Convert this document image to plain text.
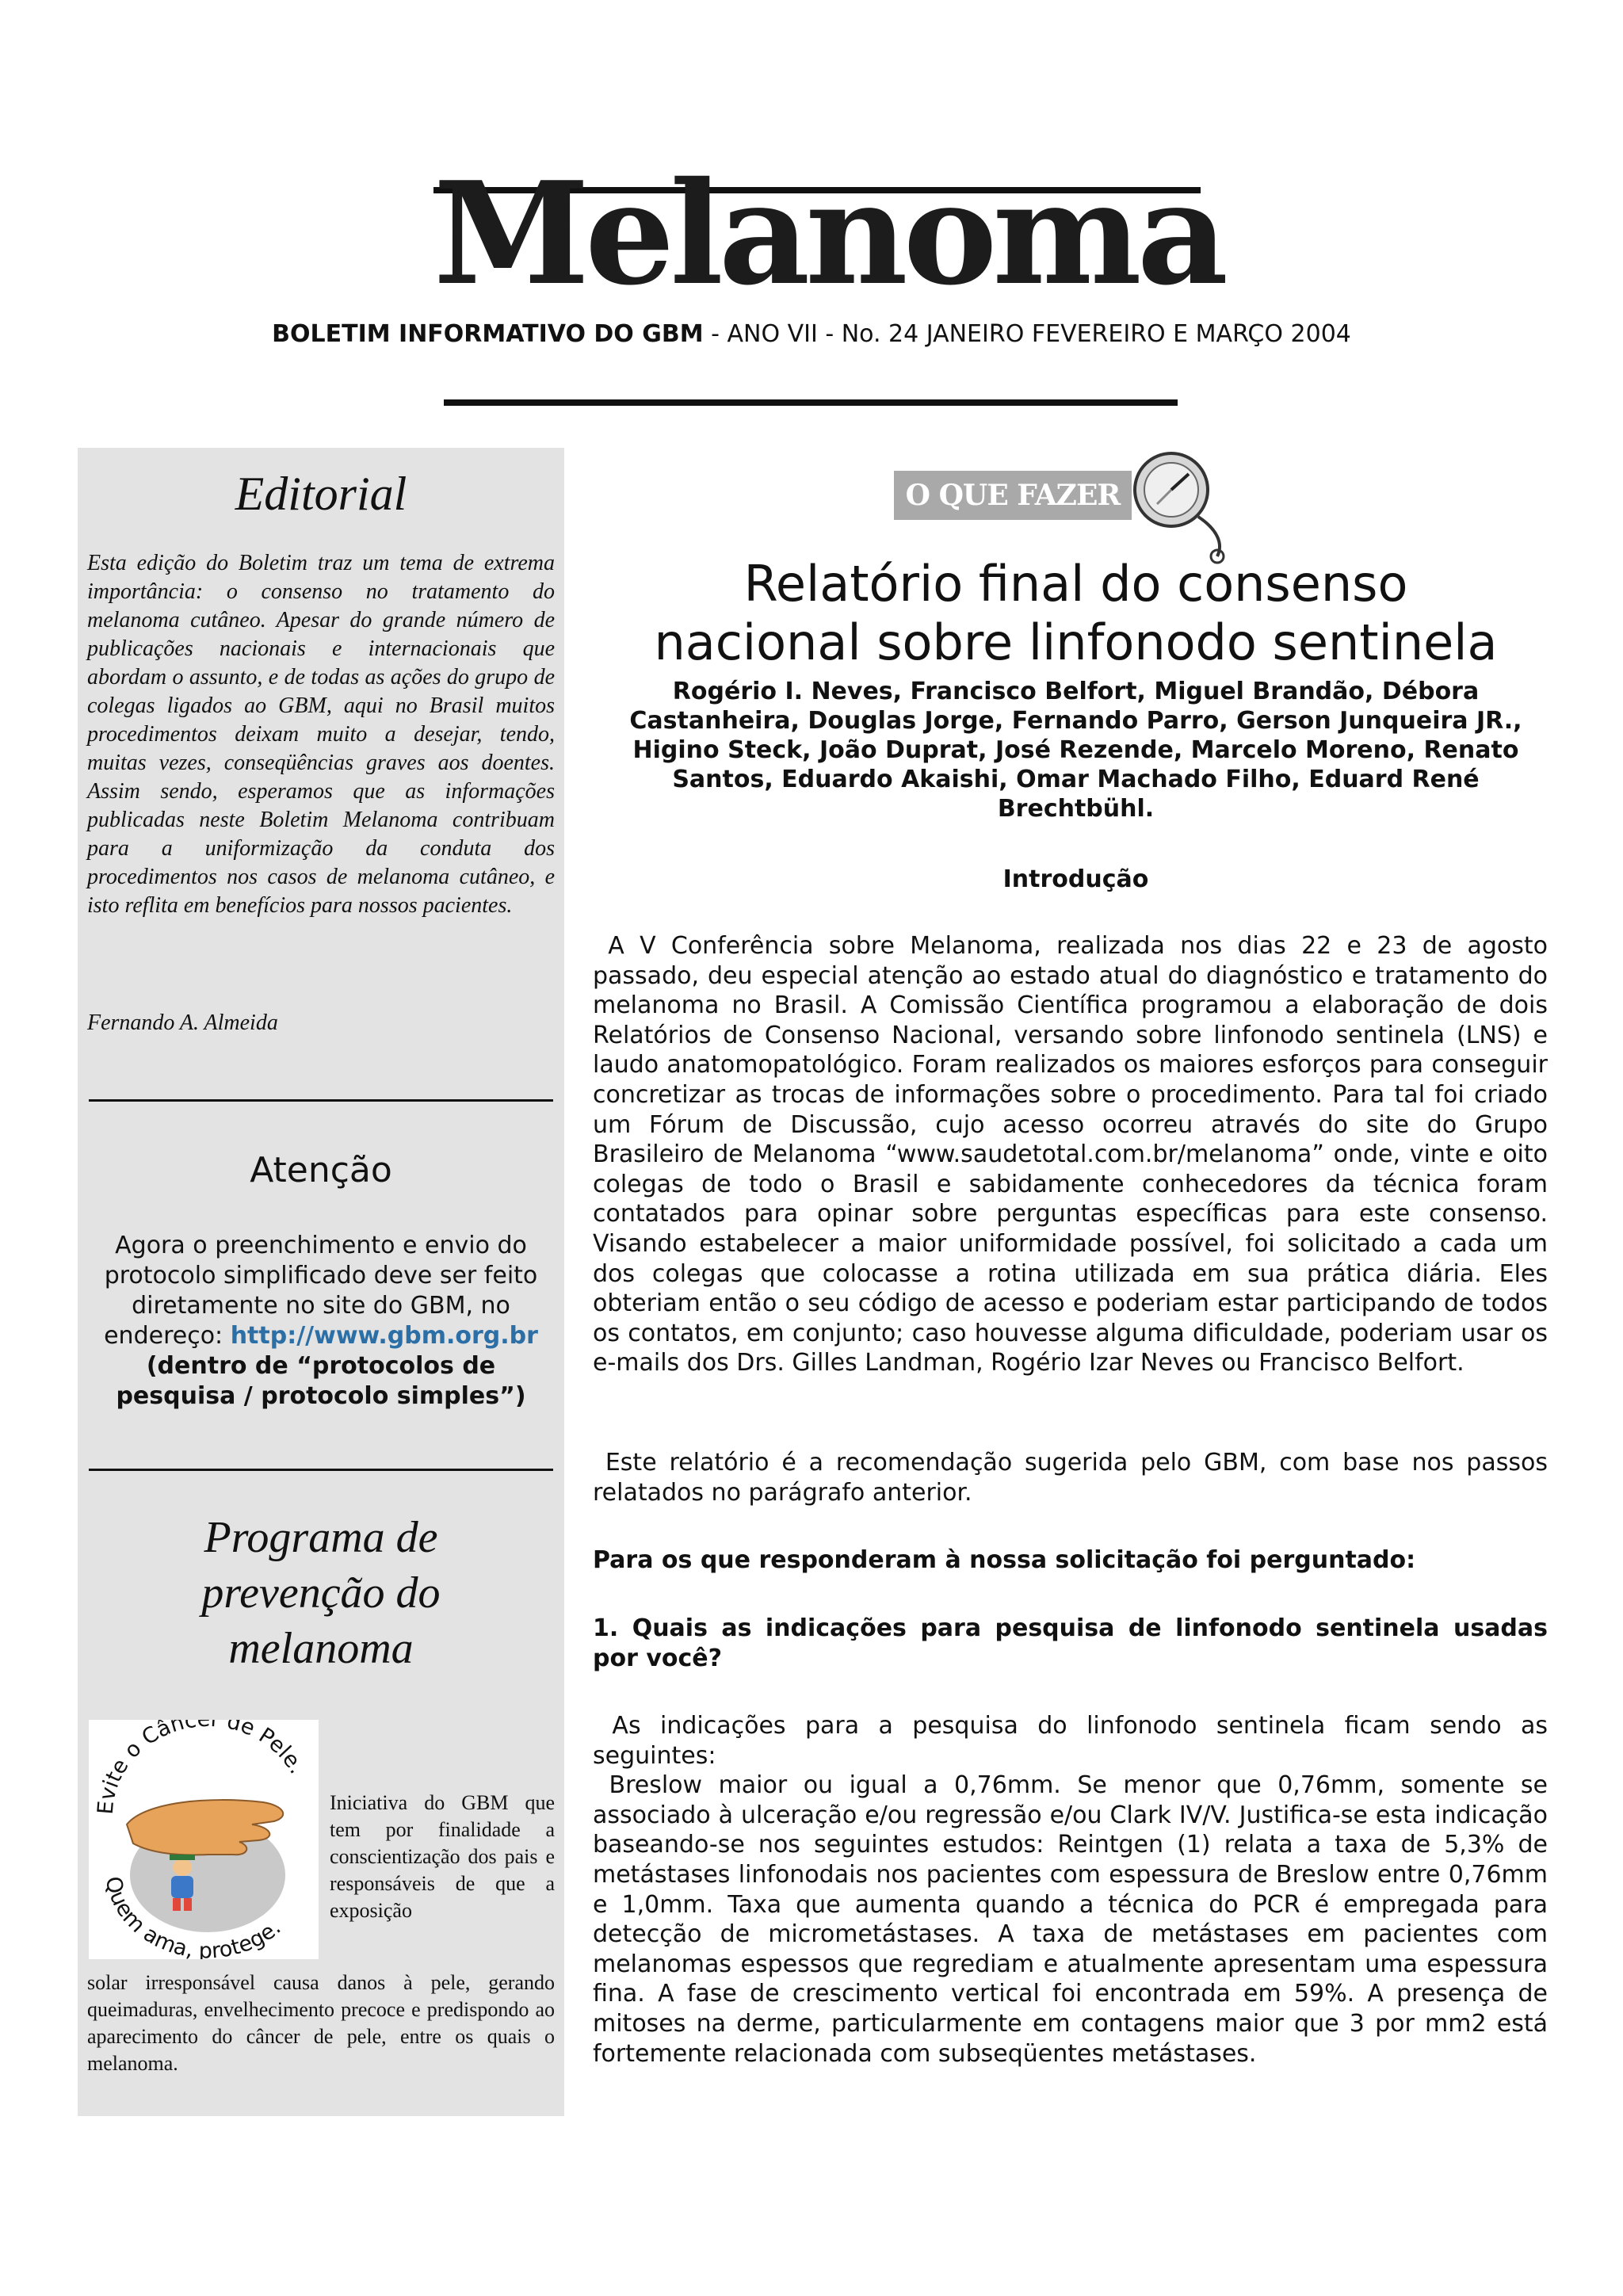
Melanoma
BOLETIM INFORMATIVO DO GBM - ANO VII - No. 24 JANEIRO FEVEREIRO E MARÇO 2004
Editorial

Esta edição do Boletim traz um tema de extrema importância: o consenso no tratamento do melanoma cutâneo. Apesar do grande número de publicações nacionais e internacionais que abordam o assunto, e de todas as ações do grupo de colegas ligados ao GBM, aqui no Brasil muitos procedimentos deixam muito a desejar, tendo, muitas vezes, conseqüências graves aos doentes. Assim sendo, esperamos que as informações publicadas neste Boletim Melanoma contribuam para a uniformização da conduta dos procedimentos nos casos de melanoma cutâneo, e isto reflita em benefícios para nossos pacientes.

Fernando A. Almeida

Atenção

Agora o preenchimento e envio do protocolo simplificado deve ser feito diretamente no site do GBM, no endereço: http://www.gbm.org.br
(dentro de “protocolos de pesquisa / protocolo simples”)

Programa de
prevenção do
melanoma
Evite o Cânc de Pele.
Quem ama, protege.

Iniciativa do GBM que tem por finalidade a conscientização dos pais e responsáveis de que a exposição

solar irresponsável causa danos à pele, gerando queimaduras, envelhecimento precoce e predispondo ao aparecimento do câncer de pele, entre os quais o melanoma.

O QUE FAZER
Relatório final do consenso
nacional sobre linfonodo sentinela

Rogério I. Neves, Francisco Belfort, Miguel Brandão, Débora Castanheira, Douglas Jorge, Fernando Parro, Gerson Junqueira JR., Higino Steck, João Duprat, José Rezende, Marcelo Moreno, Renato Santos, Eduardo Akaishi, Omar Machado Filho, Eduard René Brechtbühl.

Introdução

A V Conferência sobre Melanoma, realizada nos dias 22 e 23 de agosto passado, deu especial atenção ao estado atual do diagnóstico e tratamento do melanoma no Brasil. A Comissão Científica programou a elaboração de dois Relatórios de Consenso Nacional, versando sobre linfonodo sentinela (LNS) e laudo anatomopatológico. Foram realizados os maiores esforços para conseguir concretizar as trocas de informações sobre o procedimento. Para tal foi criado um Fórum de Discussão, cujo acesso ocorreu através do site do Grupo Brasileiro de Melanoma “www.saudetotal.com.br/melanoma” onde, vinte e oito colegas de todo o Brasil e sabidamente conhecedores da técnica foram contatados para opinar sobre perguntas específicas para este consenso. Visando estabelecer a maior uniformidade possível, foi solicitado a cada um dos colegas que colocasse a rotina utilizada em sua prática diária. Eles obteriam então o seu código de acesso e poderiam estar participando de todos os contatos, em conjunto; caso houvesse alguma dificuldade, poderiam usar os e-mails dos Drs. Gilles Landman, Rogério Izar Neves ou Francisco Belfort.

Este relatório é a recomendação sugerida pelo GBM, com base nos passos relatados no parágrafo anterior.

Para os que responderam à nossa solicitação foi perguntado:

1. Quais as indicações para pesquisa de linfonodo sentinela usadas por você?

As indicações para a pesquisa do linfonodo sentinela ficam sendo as seguintes:
Breslow maior ou igual a 0,76mm. Se menor que 0,76mm, somente se associado à ulceração e/ou regressão e/ou Clark IV/V. Justifica-se esta indicação baseando-se nos seguintes estudos: Reintgen (1) relata a taxa de 5,3% de metástases linfonodais nos pacientes com espessura de Breslow entre 0,76mm e 1,0mm. Taxa que aumenta quando a técnica do PCR é empregada para detecção de micrometástases. A taxa de metástases em pacientes com melanomas espessos que regrediam e atualmente apresentam uma espessura fina. A fase de crescimento vertical foi encontrada em 59%. A presença de mitoses na derme, particularmente em contagens maior que 3 por mm2 está fortemente relacionada com subseqüentes metástases.
